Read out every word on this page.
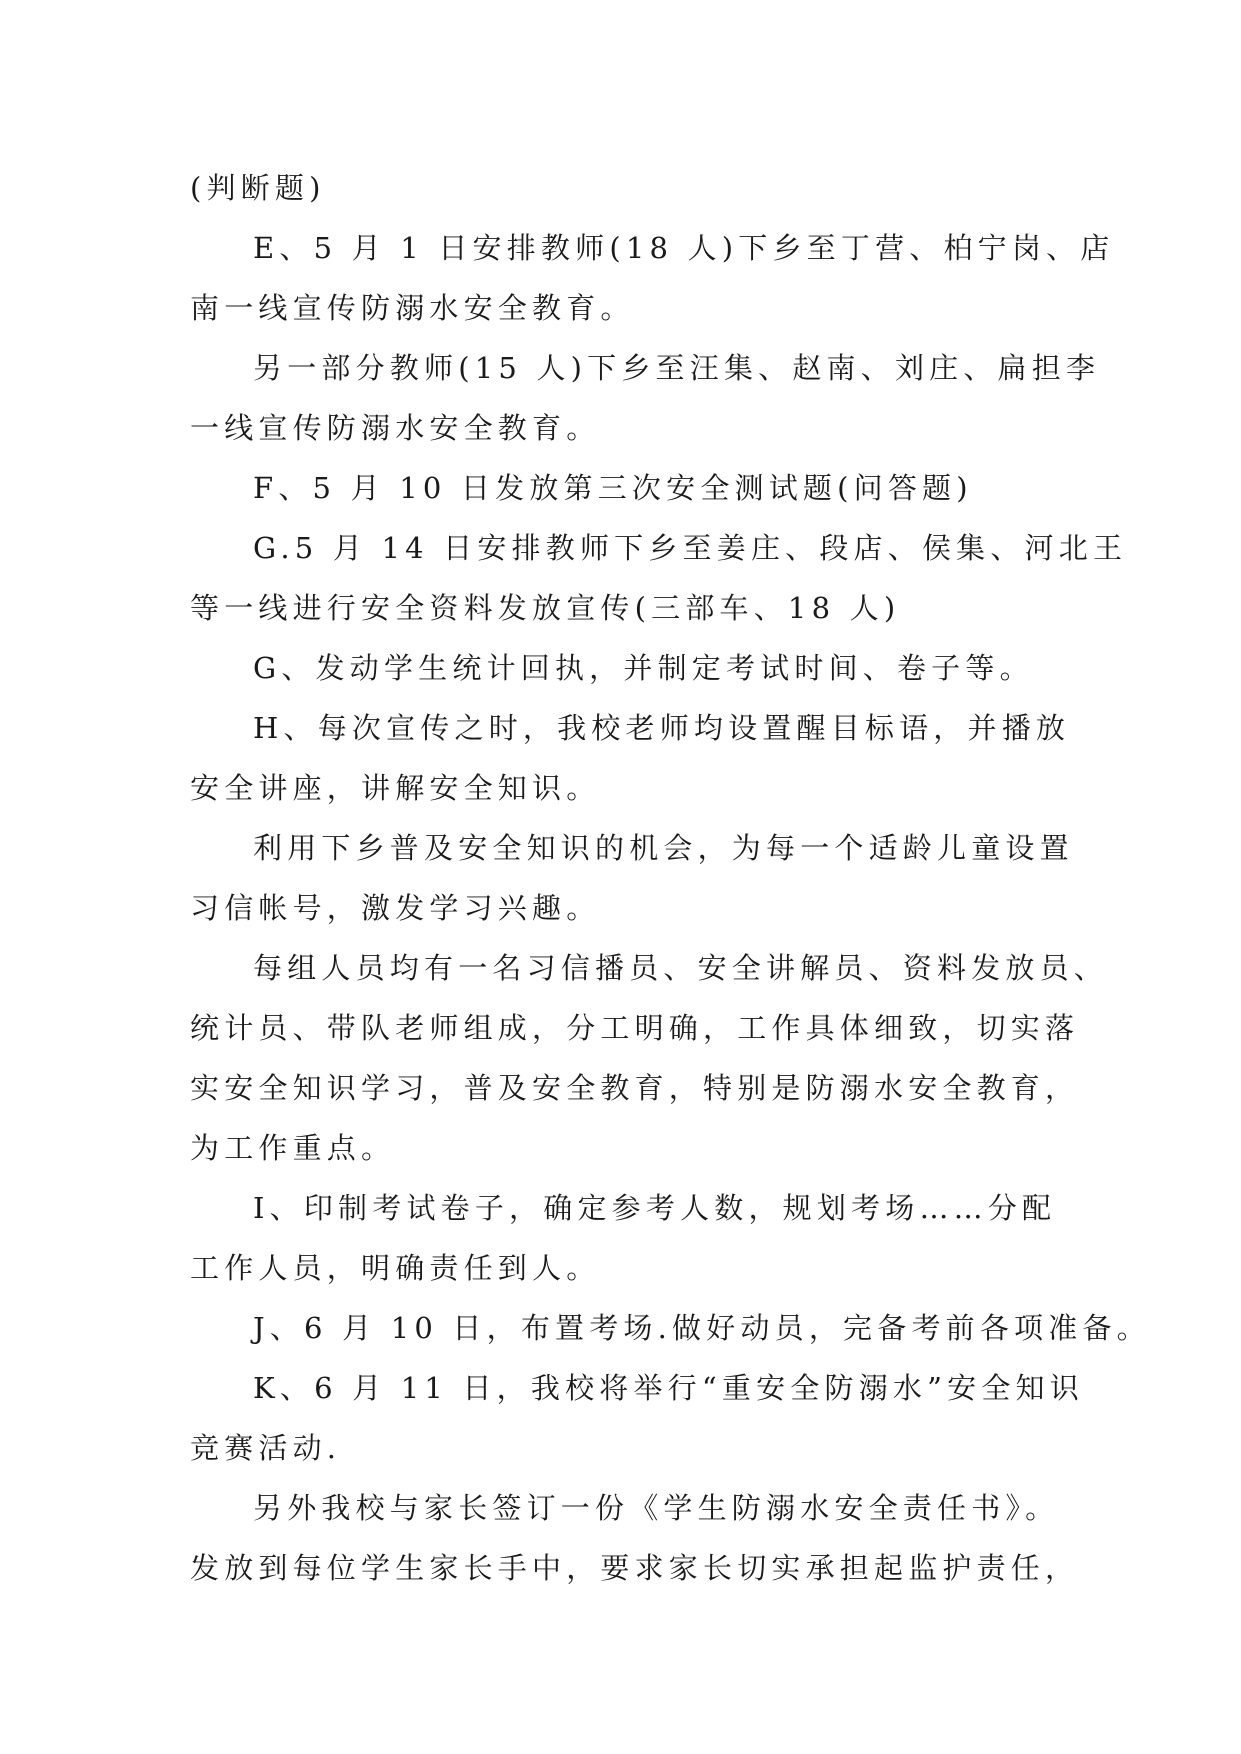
(判断题)
E、5 月 1 日安排教师(18 人)下乡至丁营、柏宁岗、店
南一线宣传防溺水安全教育。
另一部分教师(15 人)下乡至汪集、赵南、刘庄、扁担李
一线宣传防溺水安全教育。
F、5 月 10 日发放第三次安全测试题(问答题)
G.5 月 14 日安排教师下乡至姜庄、段店、侯集、河北王
等一线进行安全资料发放宣传(三部车、18 人)
G、发动学生统计回执，并制定考试时间、卷子等。
H、每次宣传之时，我校老师均设置醒目标语，并播放
安全讲座，讲解安全知识。
利用下乡普及安全知识的机会，为每一个适龄儿童设置
习信帐号，激发学习兴趣。
每组人员均有一名习信播员、安全讲解员、资料发放员、
统计员、带队老师组成，分工明确，工作具体细致，切实落
实安全知识学习，普及安全教育，特别是防溺水安全教育，
为工作重点。
I、印制考试卷子，确定参考人数，规划考场……分配
工作人员，明确责任到人。
J、6 月 10 日，布置考场.做好动员，完备考前各项准备。
K、6 月 11 日，我校将举行“重安全防溺水”安全知识
竞赛活动.
另外我校与家长签订一份《学生防溺水安全责任书》。
发放到每位学生家长手中，要求家长切实承担起监护责任，
